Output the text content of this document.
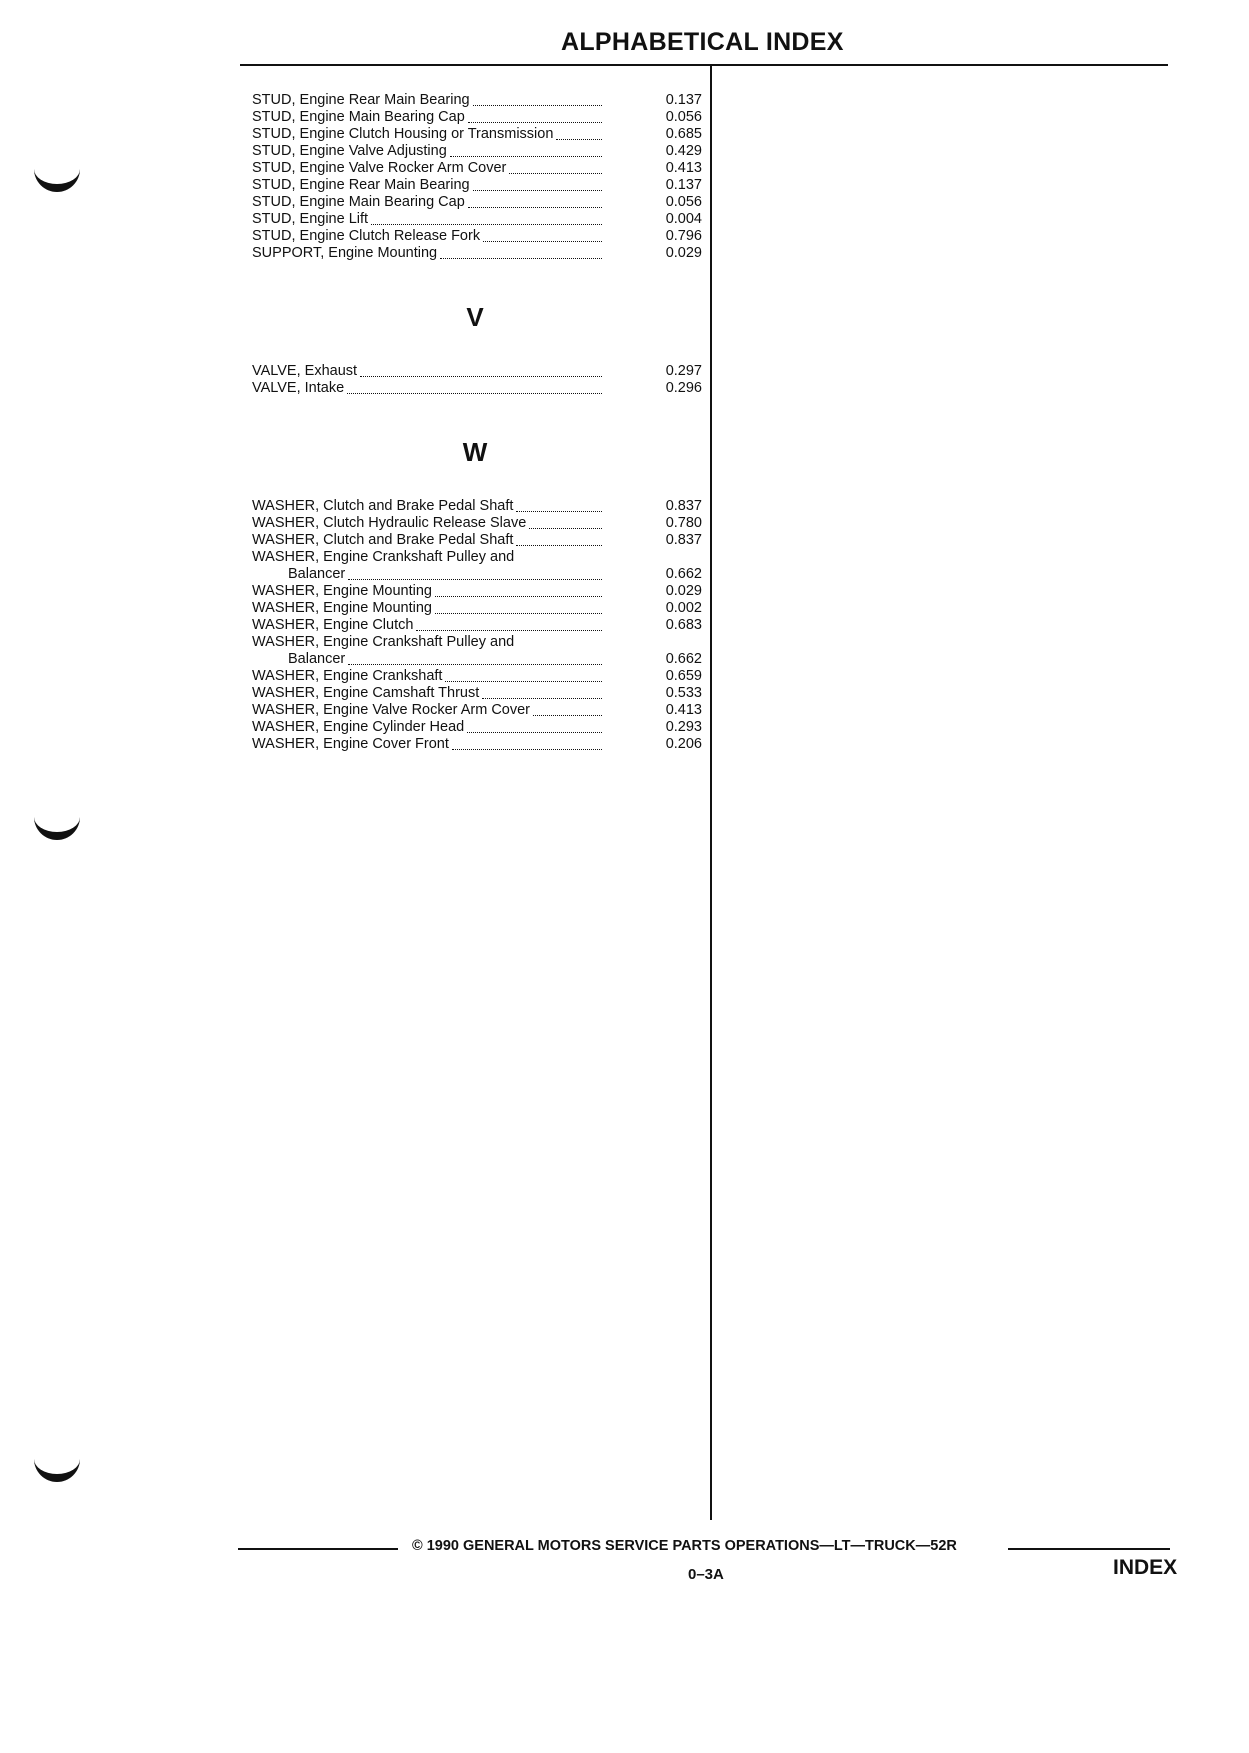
ALPHABETICAL INDEX
STUD, Engine Rear Main Bearing	0.137
STUD, Engine Main Bearing Cap	0.056
STUD, Engine Clutch Housing or Transmission	0.685
STUD, Engine Valve Adjusting	0.429
STUD, Engine Valve Rocker Arm Cover	0.413
STUD, Engine Rear Main Bearing	0.137
STUD, Engine Main Bearing Cap	0.056
STUD, Engine Lift	0.004
STUD, Engine Clutch Release Fork	0.796
SUPPORT, Engine Mounting	0.029
V
VALVE, Exhaust	0.297
VALVE, Intake	0.296
W
WASHER, Clutch and Brake Pedal Shaft	0.837
WASHER, Clutch Hydraulic Release Slave	0.780
WASHER, Clutch and Brake Pedal Shaft	0.837
WASHER, Engine Crankshaft Pulley and
Balancer	0.662
WASHER, Engine Mounting	0.029
WASHER, Engine Mounting	0.002
WASHER, Engine Clutch	0.683
WASHER, Engine Crankshaft Pulley and
Balancer	0.662
WASHER, Engine Crankshaft	0.659
WASHER, Engine Camshaft Thrust	0.533
WASHER, Engine Valve Rocker Arm Cover	0.413
WASHER, Engine Cylinder Head	0.293
WASHER, Engine Cover Front	0.206
© 1990 GENERAL MOTORS SERVICE PARTS OPERATIONS—LT—TRUCK—52R
0–3A	INDEX
